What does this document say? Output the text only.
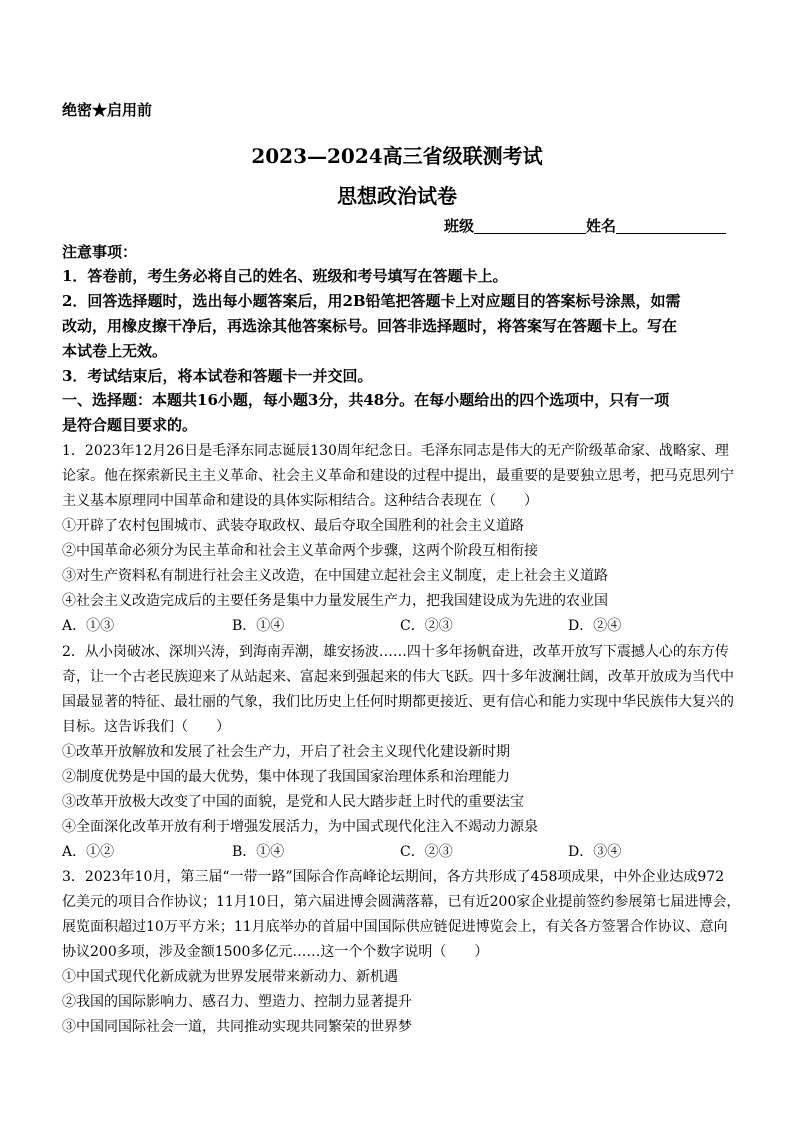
绝密★启用前
2023—2024高三省级联测考试
思想政治试卷
班级	姓名
注意事项：
1．答卷前，考生务必将自己的姓名、班级和考号填写在答题卡上。
2．回答选择题时，选出每小题答案后，用2B铅笔把答题卡上对应题目的答案标号涂黑，如需
改动，用橡皮擦干净后，再选涂其他答案标号。回答非选择题时，将答案写在答题卡上。写在
本试卷上无效。
3．考试结束后，将本试卷和答题卡一并交回。
一、选择题：本题共16小题，每小题3分，共48分。在每小题给出的四个选项中，只有一项
是符合题目要求的。
1．2023年12月26日是毛泽东同志诞辰130周年纪念日。毛泽东同志是伟大的无产阶级革命家、战略家、理
论家。他在探索新民主主义革命、社会主义革命和建设的过程中提出，最重要的是要独立思考，把马克思列宁
主义基本原理同中国革命和建设的具体实际相结合。这种结合表现在（　　）
①开辟了农村包围城市、武装夺取政权、最后夺取全国胜利的社会主义道路
②中国革命必须分为民主革命和社会主义革命两个步骤，这两个阶段互相衔接
③对生产资料私有制进行社会主义改造，在中国建立起社会主义制度，走上社会主义道路
④社会主义改造完成后的主要任务是集中力量发展生产力，把我国建设成为先进的农业国
A．①③	B．①④	C．②③	D．②④
2．从小岗破冰、深圳兴涛，到海南弄潮，雄安扬波……四十多年扬帆奋进，改革开放写下震撼人心的东方传
奇，让一个古老民族迎来了从站起来、富起来到强起来的伟大飞跃。四十多年波澜壮阔，改革开放成为当代中
国最显著的特征、最壮丽的气象，我们比历史上任何时期都更接近、更有信心和能力实现中华民族伟大复兴的
目标。这告诉我们（　　）
①改革开放解放和发展了社会生产力，开启了社会主义现代化建设新时期
②制度优势是中国的最大优势，集中体现了我国国家治理体系和治理能力
③改革开放极大改变了中国的面貌，是党和人民大踏步赶上时代的重要法宝
④全面深化改革开放有利于增强发展活力，为中国式现代化注入不竭动力源泉
A．①②	B．①④	C．②③	D．③④
3．2023年10月，第三届“一带一路”国际合作高峰论坛期间，各方共形成了458项成果，中外企业达成972
亿美元的项目合作协议；11月10日，第六届进博会圆满落幕，已有近200家企业提前签约参展第七届进博会，
展览面积超过10万平方米；11月底举办的首届中国国际供应链促进博览会上，有关各方签署合作协议、意向
协议200多项，涉及金额1500多亿元……这一个个数字说明（　　）
①中国式现代化新成就为世界发展带来新动力、新机遇
②我国的国际影响力、感召力、塑造力、控制力显著提升
③中国同国际社会一道，共同推动实现共同繁荣的世界梦
